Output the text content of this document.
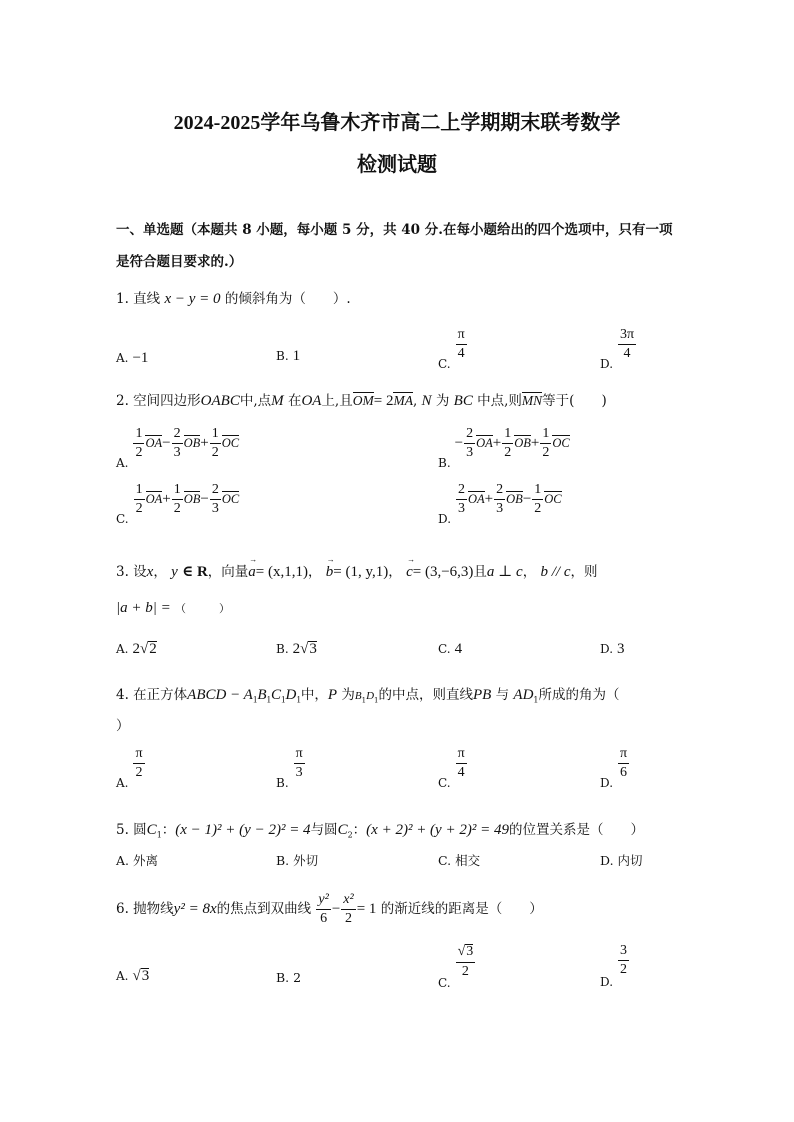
2024-2025学年乌鲁木齐市高二上学期期末联考数学
检测试题
一、单选题（本题共 8 小题，每小题 5 分，共 40 分.在每小题给出的四个选项中，只有一项
是符合题目要求的.）
1. 直线 x − y = 0 的倾斜角为（　　）.
A. −1	B. 1	C.
$\frac{\pi}{4}$
D.
$\frac{3\pi}{4}$
2. 空间四边形OABC中,点M 在OA上,且OM= 2MA, N 为 BC 中点,则MN等于(　　)
A.
$\frac{1}{2} OA- \frac{2}{3} OB+ \frac{1}{2}$ OC
B. − $\frac{2}{3} OA+ \frac{1}{2} OB+ \frac{1}{2}$ OC
C.
$\frac{1}{2} OA+ \frac{1}{2} OB- \frac{2}{3}$ OC
D.
$\frac{2}{3} OA+ \frac{2}{3} OB- \frac{1}{2}$ OC
3. 设x， y ∈ R，向量
→
a= (x,1,1)，
→
b= (1, y,1)，
→
c= (3,−6,3)且a ⊥ c， b // c，则
|a + b| = （　　　）
A. 2√2	B. 2√3	C. 4	D. 3
4. 在正方体ABCD − $A_1B_1C_1D_1$中，P 为$B_1D_1$的中点，则直线PB 与 $AD_1$所成的角为（
）
A.
$\frac{\pi}{2}$
B.
$\frac{\pi}{3}$
C.
$\frac{\pi}{4}$
D.
$\frac{\pi}{6}$
5. 圆$C_1$：(x − 1)² + (y − 2)² = 4与圆$C_2$：(x + 2)² + (y + 2)² = 49的位置关系是（　　）
A. 外离	B. 外切	C. 相交	D. 内切
6. 抛物线y² = 8x的焦点到双曲线 $\frac{\text{y²}}{6} - \frac{\text{x²}}{2} = 1$ 的渐近线的距离是（　　）
A. √3	B. 2	C.
$\frac{√3}{2}$
D.
$\frac{3}{2}$
